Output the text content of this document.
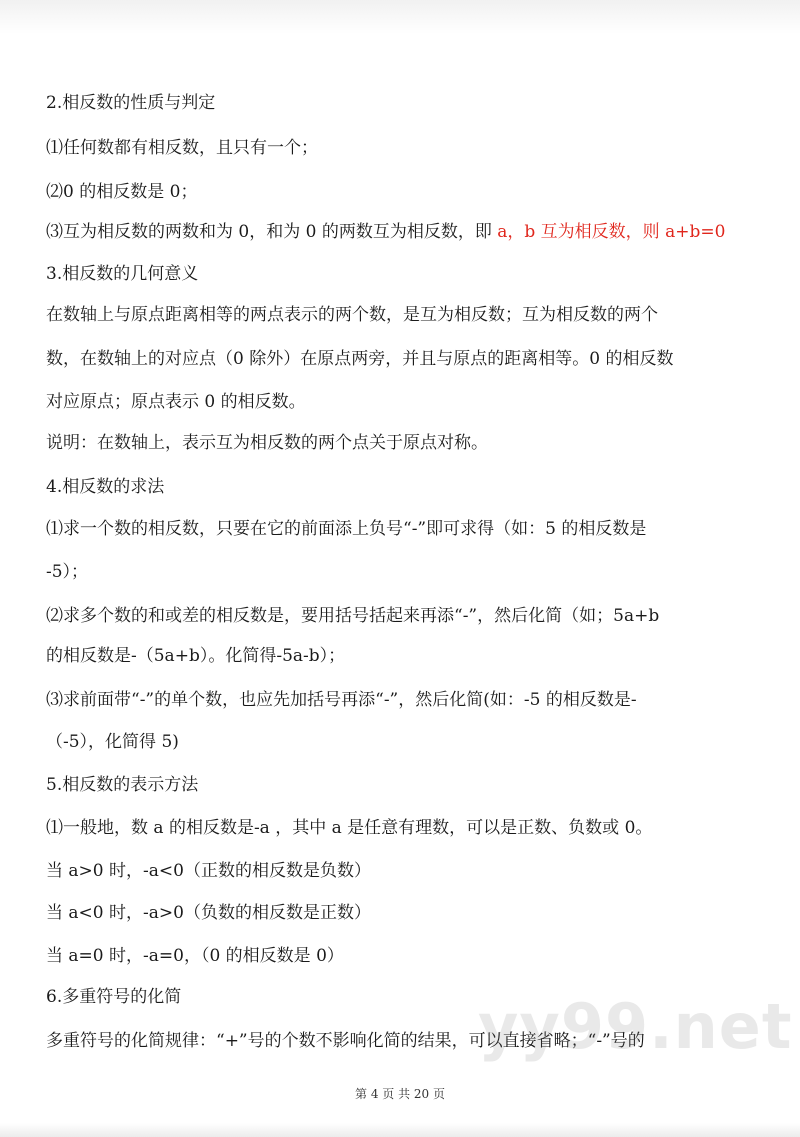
2.相反数的性质与判定
⑴任何数都有相反数，且只有一个；
⑵0 的相反数是 0；
⑶互为相反数的两数和为 0，和为 0 的两数互为相反数，即 a，b 互为相反数，则 a+b=0
3.相反数的几何意义
在数轴上与原点距离相等的两点表示的两个数，是互为相反数；互为相反数的两个
数，在数轴上的对应点（0 除外）在原点两旁，并且与原点的距离相等。0 的相反数
对应原点；原点表示 0 的相反数。
说明：在数轴上，表示互为相反数的两个点关于原点对称。
4.相反数的求法
⑴求一个数的相反数，只要在它的前面添上负号“-”即可求得（如：5 的相反数是
-5）；
⑵求多个数的和或差的相反数是，要用括号括起来再添“-”，然后化简（如；5a+b
的相反数是-（5a+b）。化简得-5a-b）；
⑶求前面带“-”的单个数，也应先加括号再添“-”，然后化简(如：-5 的相反数是-
（-5），化简得 5)
5.相反数的表示方法
⑴一般地，数 a 的相反数是-a ，其中 a 是任意有理数，可以是正数、负数或 0。
当 a>0 时，-a<0（正数的相反数是负数）
当 a<0 时，-a>0（负数的相反数是正数）
当 a=0 时，-a=0，（0 的相反数是 0）
6.多重符号的化简
多重符号的化简规律：“+”号的个数不影响化简的结果，可以直接省略；“-”号的
yy99.net
第 4 页 共 20 页
